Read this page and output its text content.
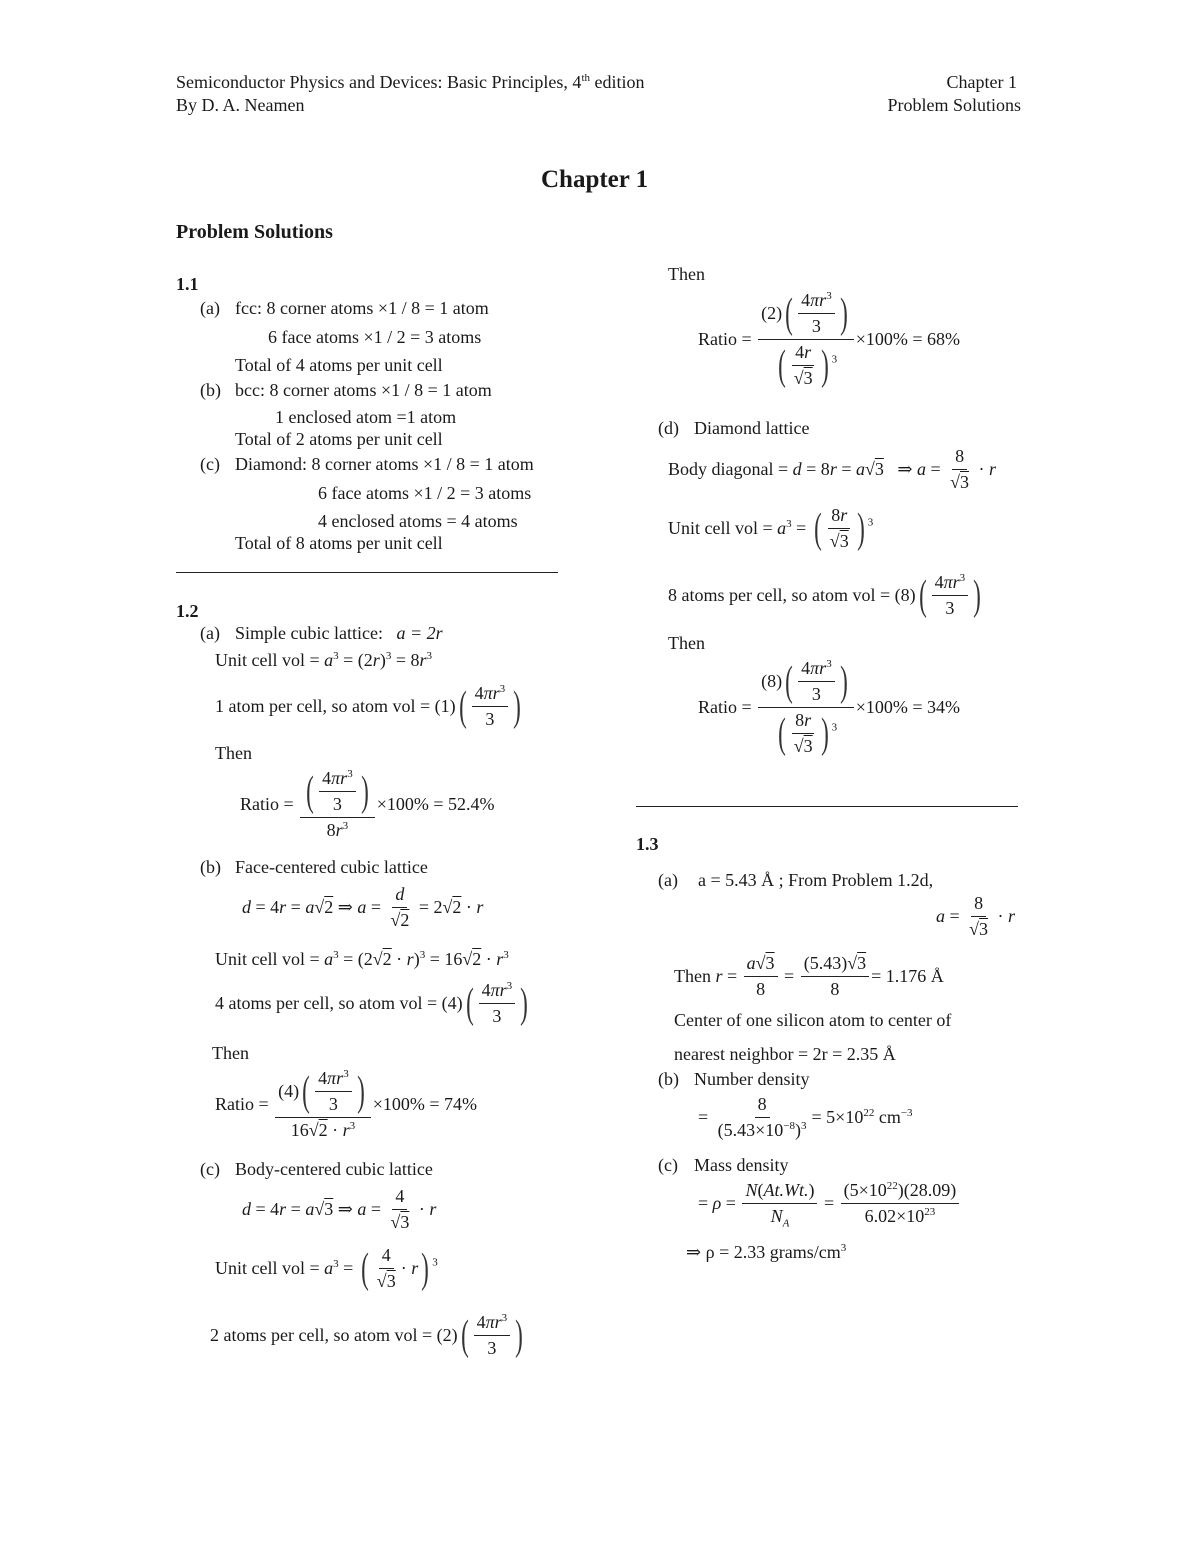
Semiconductor Physics and Devices: Basic Principles, 4th edition
By D. A. Neamen
Chapter 1
Problem Solutions
Chapter 1
Problem Solutions
1.1
(a) fcc: 8 corner atoms ×1 / 8 = 1 atom
6 face atoms ×1 / 2 = 3 atoms
Total of 4 atoms per unit cell
(b) bcc: 8 corner atoms ×1 / 8 = 1 atom
1 enclosed atom =1 atom
Total of 2 atoms per unit cell
(c) Diamond: 8 corner atoms ×1 / 8 = 1 atom
6 face atoms ×1 / 2 = 3 atoms
4 enclosed atoms = 4 atoms
Total of 8 atoms per unit cell
1.2
(a) Simple cubic lattice: a = 2r
Unit cell vol = $a^3 = (2r)^3 = 8r^3$
1 atom per cell, so atom vol = $(1)( \frac{4\pi r^3}{3}$ )
Then
Ratio = $\frac{( \frac{4\pi r^3}{3} )}{8r^3} \times 100\% = 52.4\%$
(b) Face-centered cubic lattice
d = 4r = a√2 ⇒ $a = \frac{d}{√2} = 2√2 \cdot r$
Unit cell vol = $a^3 = (2√2 \cdot r)^3 = 16√2 \cdot r^3$
4 atoms per cell, so atom vol = $(4)( \frac{4\pi r^3}{3}$ )
Then
Ratio = $\frac{(4)( \frac{4\pi r^3}{3} )}{16√2 \cdot r^3} \times 100\% = 74\%$
(c) Body-centered cubic lattice
d = 4r = a√3 ⇒ $a = \frac{4}{√3} \cdot r$
Unit cell vol = $a^3$ = ( $\frac{4}{√3} \cdot r$) $^3$
2 atoms per cell, so atom vol = $(2)( \frac{4\pi r^3}{3}$ )
Then
Ratio = $\frac{(2)( \frac{4\pi r^3}{3} )}{( \frac{4r}{√3} ) ^3} \times 100\% = 68\%$
(d) Diamond lattice
Body diagonal = d = 8r = a√3   ⇒ $a = \frac{8}{√3} \cdot r$
Unit cell vol = $a^3$ = ( $\frac{8r}{√3}$ ) $^3$
8 atoms per cell, so atom vol = $(8)( \frac{4\pi r^3}{3}$ )
Then
Ratio = $\frac{(8)( \frac{4\pi r^3}{3} )}{( \frac{8r}{√3} ) ^3} \times 100\% = 34\%$
1.3
(a) a = 5.43 Å ; From Problem 1.2d,
$a = \frac{8}{√3} \cdot r$
Then $r = \frac{a√3}{8} = \frac{(5.43)√3}{8} = 1.176$ Å
Center of one silicon atom to center of
nearest neighbor = 2r = 2.35 Å
(b) Number density
= $\frac{8}{(5.43\times 10^{-8})^3} = 5\times 10^{22}$ $cm^{-3}$
(c) Mass density
= $\rho = \frac{N(At.Wt.)}{N_A} = \frac{(5\times 10^{22})(28.09)}{6.02\times 10^{23}}$
⇒ ρ = 2.33 grams/$cm^3$
